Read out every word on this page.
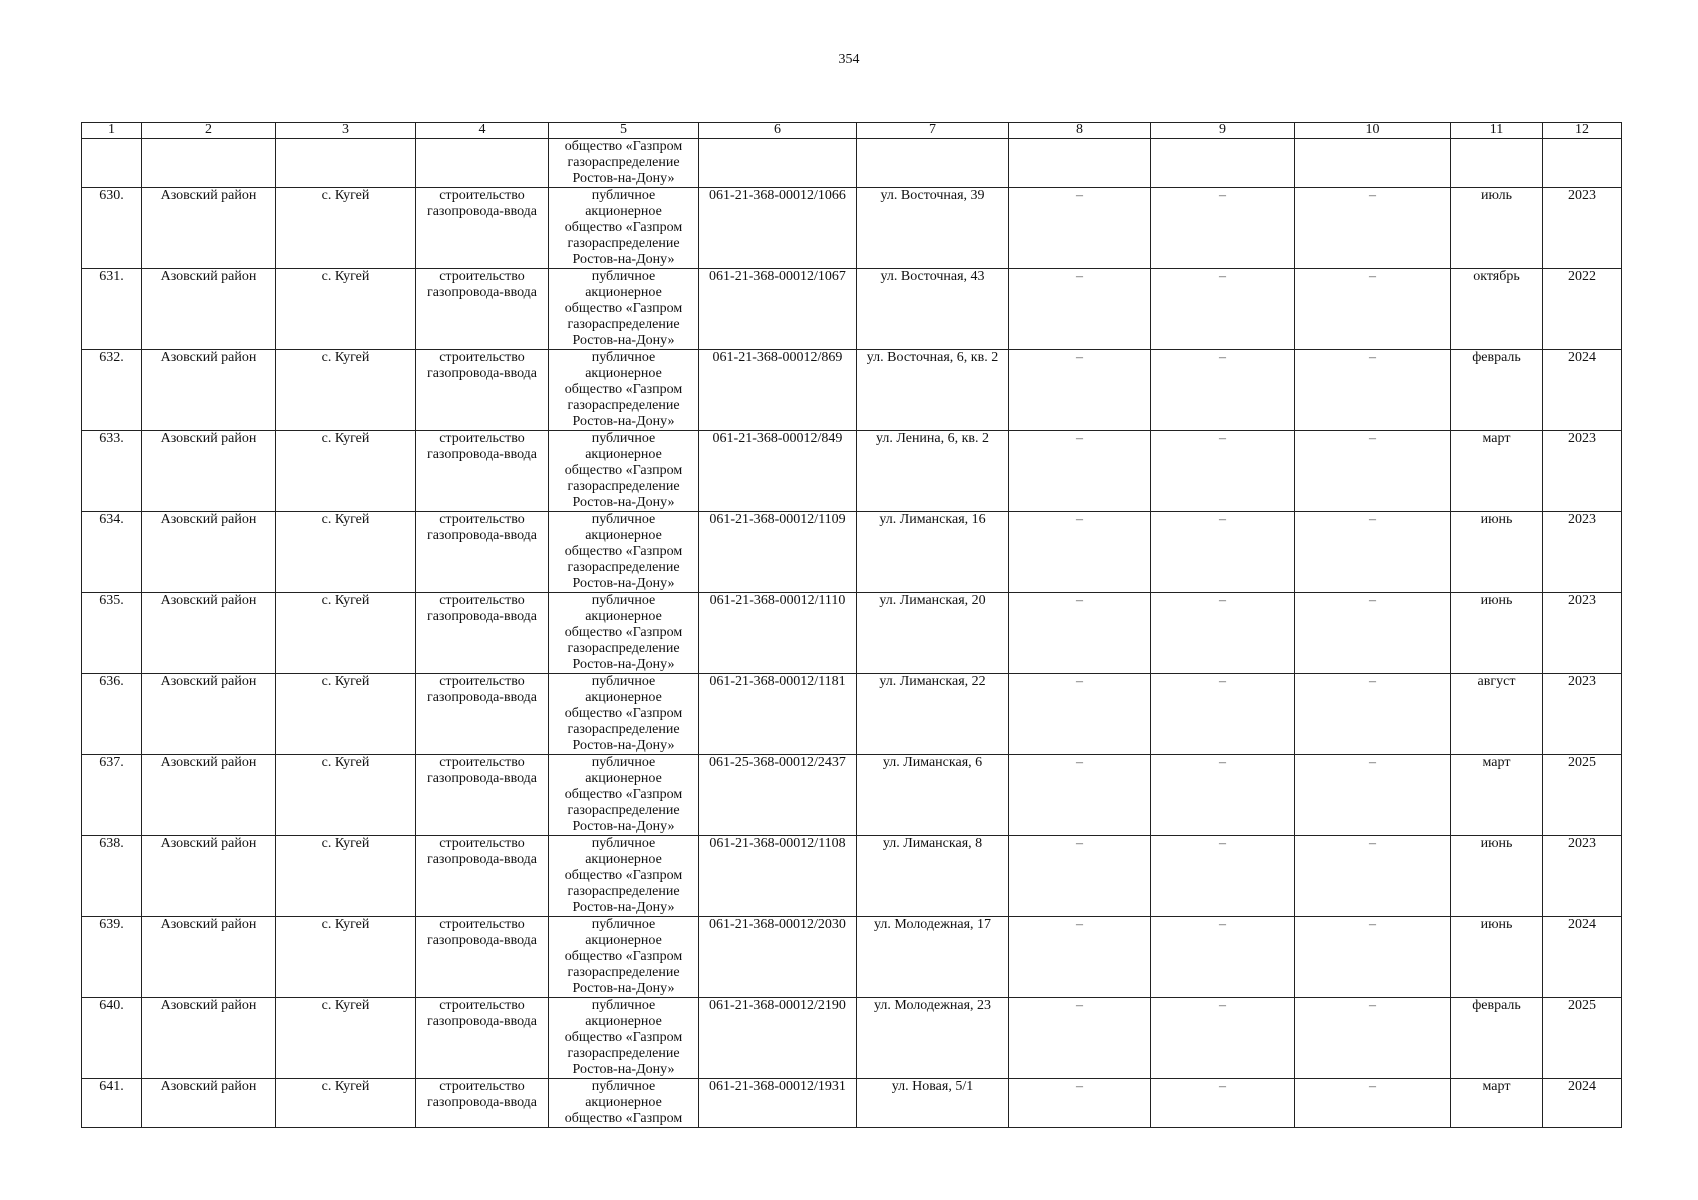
354
1	2	3	4	5	6	7	8	9	10	11	12
				общество «Газпром
газораспределение
Ростов-на-Дону»							
630.	Азовский район	с. Кугей	строительство газопровода-ввода	публичное
акционерное
общество «Газпром
газораспределение
Ростов-на-Дону»	061-21-368-00012/1066	ул. Восточная, 39	–	–	–	июль	2023
631.	Азовский район	с. Кугей	строительство газопровода-ввода	публичное
акционерное
общество «Газпром
газораспределение
Ростов-на-Дону»	061-21-368-00012/1067	ул. Восточная, 43	–	–	–	октябрь	2022
632.	Азовский район	с. Кугей	строительство газопровода-ввода	публичное
акционерное
общество «Газпром
газораспределение
Ростов-на-Дону»	061-21-368-00012/869	ул. Восточная, 6, кв. 2	–	–	–	февраль	2024
633.	Азовский район	с. Кугей	строительство газопровода-ввода	публичное
акционерное
общество «Газпром
газораспределение
Ростов-на-Дону»	061-21-368-00012/849	ул. Ленина, 6, кв. 2	–	–	–	март	2023
634.	Азовский район	с. Кугей	строительство газопровода-ввода	публичное
акционерное
общество «Газпром
газораспределение
Ростов-на-Дону»	061-21-368-00012/1109	ул. Лиманская, 16	–	–	–	июнь	2023
635.	Азовский район	с. Кугей	строительство газопровода-ввода	публичное
акционерное
общество «Газпром
газораспределение
Ростов-на-Дону»	061-21-368-00012/1110	ул. Лиманская, 20	–	–	–	июнь	2023
636.	Азовский район	с. Кугей	строительство газопровода-ввода	публичное
акционерное
общество «Газпром
газораспределение
Ростов-на-Дону»	061-21-368-00012/1181	ул. Лиманская, 22	–	–	–	август	2023
637.	Азовский район	с. Кугей	строительство газопровода-ввода	публичное
акционерное
общество «Газпром
газораспределение
Ростов-на-Дону»	061-25-368-00012/2437	ул. Лиманская, 6	–	–	–	март	2025
638.	Азовский район	с. Кугей	строительство газопровода-ввода	публичное
акционерное
общество «Газпром
газораспределение
Ростов-на-Дону»	061-21-368-00012/1108	ул. Лиманская, 8	–	–	–	июнь	2023
639.	Азовский район	с. Кугей	строительство газопровода-ввода	публичное
акционерное
общество «Газпром
газораспределение
Ростов-на-Дону»	061-21-368-00012/2030	ул. Молодежная, 17	–	–	–	июнь	2024
640.	Азовский район	с. Кугей	строительство газопровода-ввода	публичное
акционерное
общество «Газпром
газораспределение
Ростов-на-Дону»	061-21-368-00012/2190	ул. Молодежная, 23	–	–	–	февраль	2025
641.	Азовский район	с. Кугей	строительство газопровода-ввода	публичное
акционерное
общество «Газпром	061-21-368-00012/1931	ул. Новая, 5/1	–	–	–	март	2024
